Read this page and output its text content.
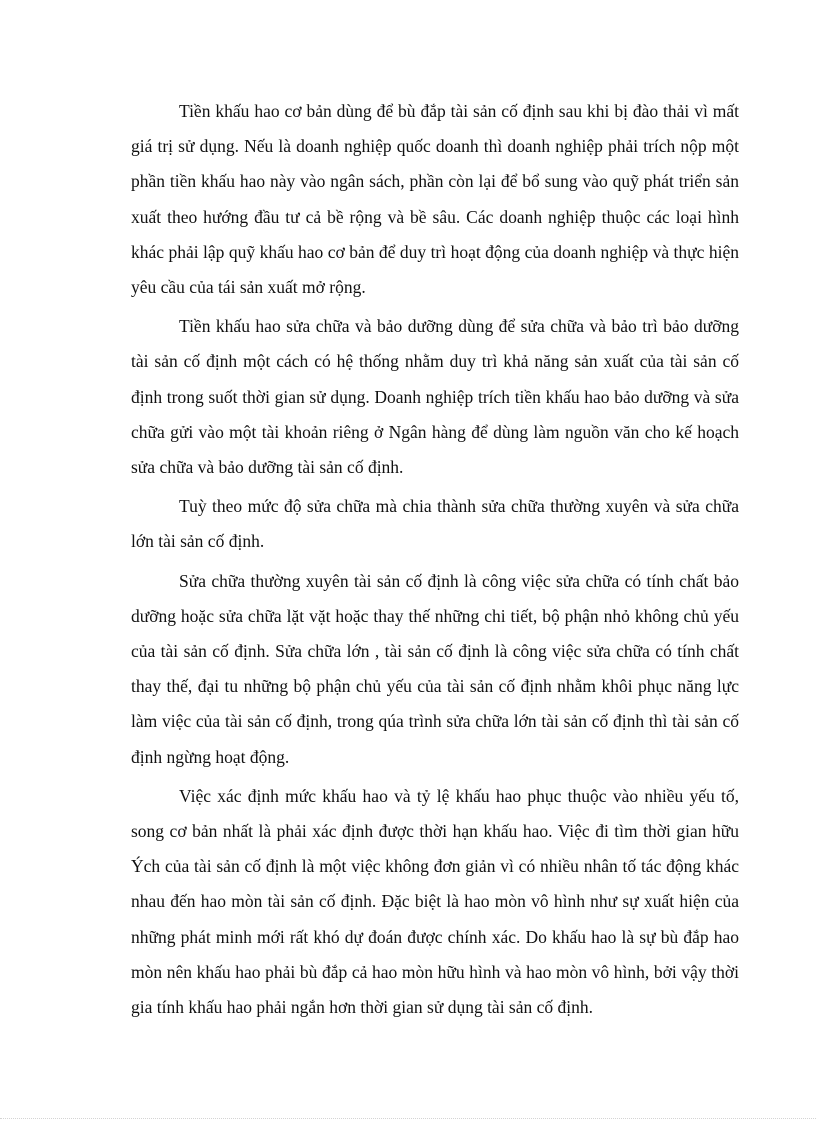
Tiền khấu hao cơ bản dùng để bù đắp tài sản cố định sau khi bị đào thải vì mất giá trị sử dụng. Nếu là doanh nghiệp quốc doanh thì doanh nghiệp phải trích nộp một phần tiền khấu hao này vào ngân sách, phần còn lại để bổ sung vào quỹ phát triển sản xuất theo hướng đầu tư cả bề rộng và bề sâu. Các doanh nghiệp thuộc các loại hình khác phải lập quỹ khấu hao cơ bản để duy trì hoạt động của doanh nghiệp và thực hiện yêu cầu của tái sản xuất mở rộng.

Tiền khấu hao sửa chữa và bảo dưỡng dùng để sửa chữa và bảo trì bảo dưỡng tài sản cố định một cách có hệ thống nhằm duy trì khả năng sản xuất của tài sản cố định trong suốt thời gian sử dụng. Doanh nghiệp trích tiền khấu hao bảo dưỡng và sửa chữa gửi vào một tài khoản riêng ở Ngân hàng để dùng làm nguồn văn cho kế hoạch sửa chữa và bảo dưỡng tài sản cố định.

Tuỳ theo mức độ sửa chữa mà chia thành sửa chữa thường xuyên và sửa chữa lớn tài sản cố định.

Sửa chữa thường xuyên tài sản cố định là công việc sửa chữa có tính chất bảo dưỡng hoặc sửa chữa lặt vặt hoặc thay thế những chi tiết, bộ phận nhỏ không chủ yếu của tài sản cố định. Sửa chữa lớn , tài sản cố định là công việc sửa chữa có tính chất thay thế, đại tu những bộ phận chủ yếu của tài sản cố định nhằm khôi phục năng lực làm việc của tài sản cố định, trong qúa trình sửa chữa lớn tài sản cố định thì tài sản cố định ngừng hoạt động.

Việc xác định mức khấu hao và tỷ lệ khấu hao phục thuộc vào nhiều yếu tố, song cơ bản nhất là phải xác định được thời hạn khấu hao. Việc đi tìm thời gian hữu Ých của tài sản cố định là một việc không đơn giản vì có nhiều nhân tố tác động khác nhau đến hao mòn tài sản cố định. Đặc biệt là hao mòn vô hình như sự xuất hiện của những phát minh mới rất khó dự đoán được chính xác. Do khấu hao là sự bù đắp hao mòn nên khấu hao phải bù đắp cả hao mòn hữu hình và hao mòn vô hình, bởi vậy thời gia tính khấu hao phải ngắn hơn thời gian sử dụng tài sản cố định.
